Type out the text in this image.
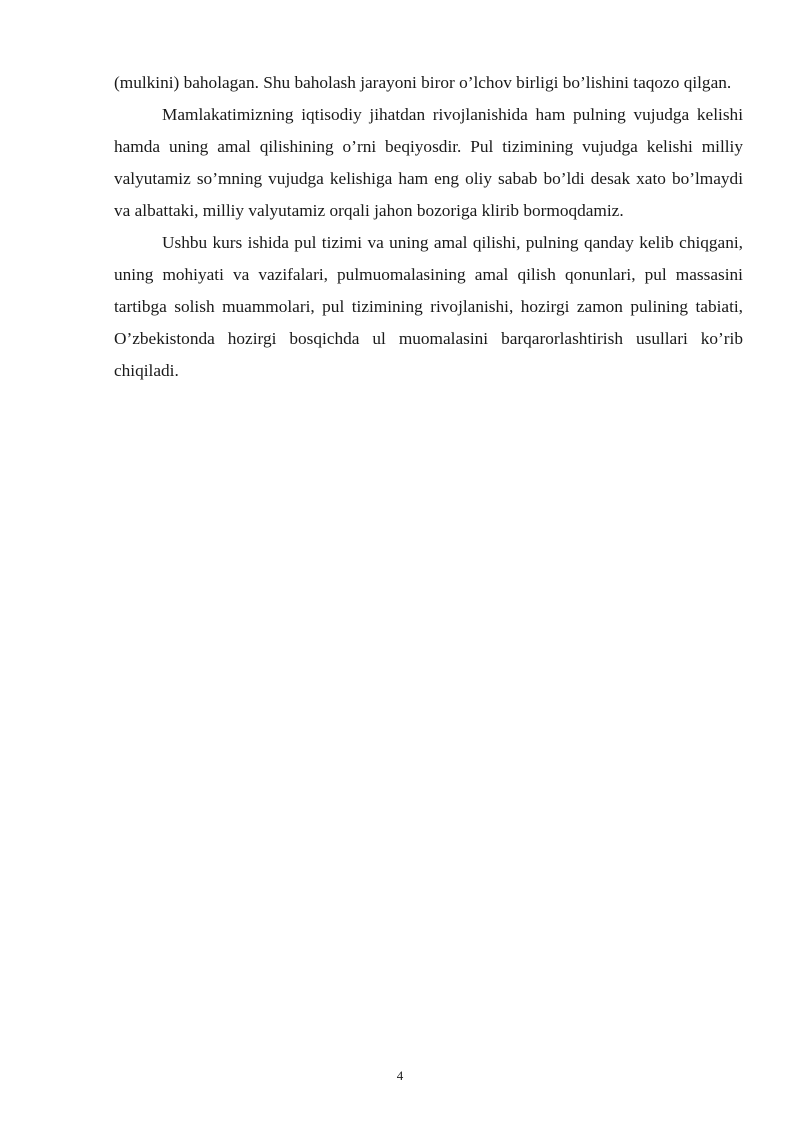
(mulkini) baholagan. Shu baholash jarayoni biror o’lchov birligi bo’lishini taqozo qilgan.

Mamlakatimizning iqtisodiy jihatdan rivojlanishida ham pulning vujudga kelishi hamda uning amal qilishining o’rni beqiyosdir. Pul tizimining vujudga kelishi milliy valyutamiz so’mning vujudga kelishiga ham eng oliy sabab bo’ldi desak xato bo’lmaydi va albattaki, milliy valyutamiz orqali jahon bozoriga klirib bormoqdamiz.

Ushbu kurs ishida pul tizimi va uning amal qilishi, pulning qanday kelib chiqgani, uning mohiyati va vazifalari, pulmuomalasining amal qilish qonunlari, pul massasini tartibga solish muammolari, pul tizimining rivojlanishi, hozirgi zamon pulining tabiati, O’zbekistonda hozirgi bosqichda ul muomalasini barqarorlashtirish usullari ko’rib chiqiladi.

4
